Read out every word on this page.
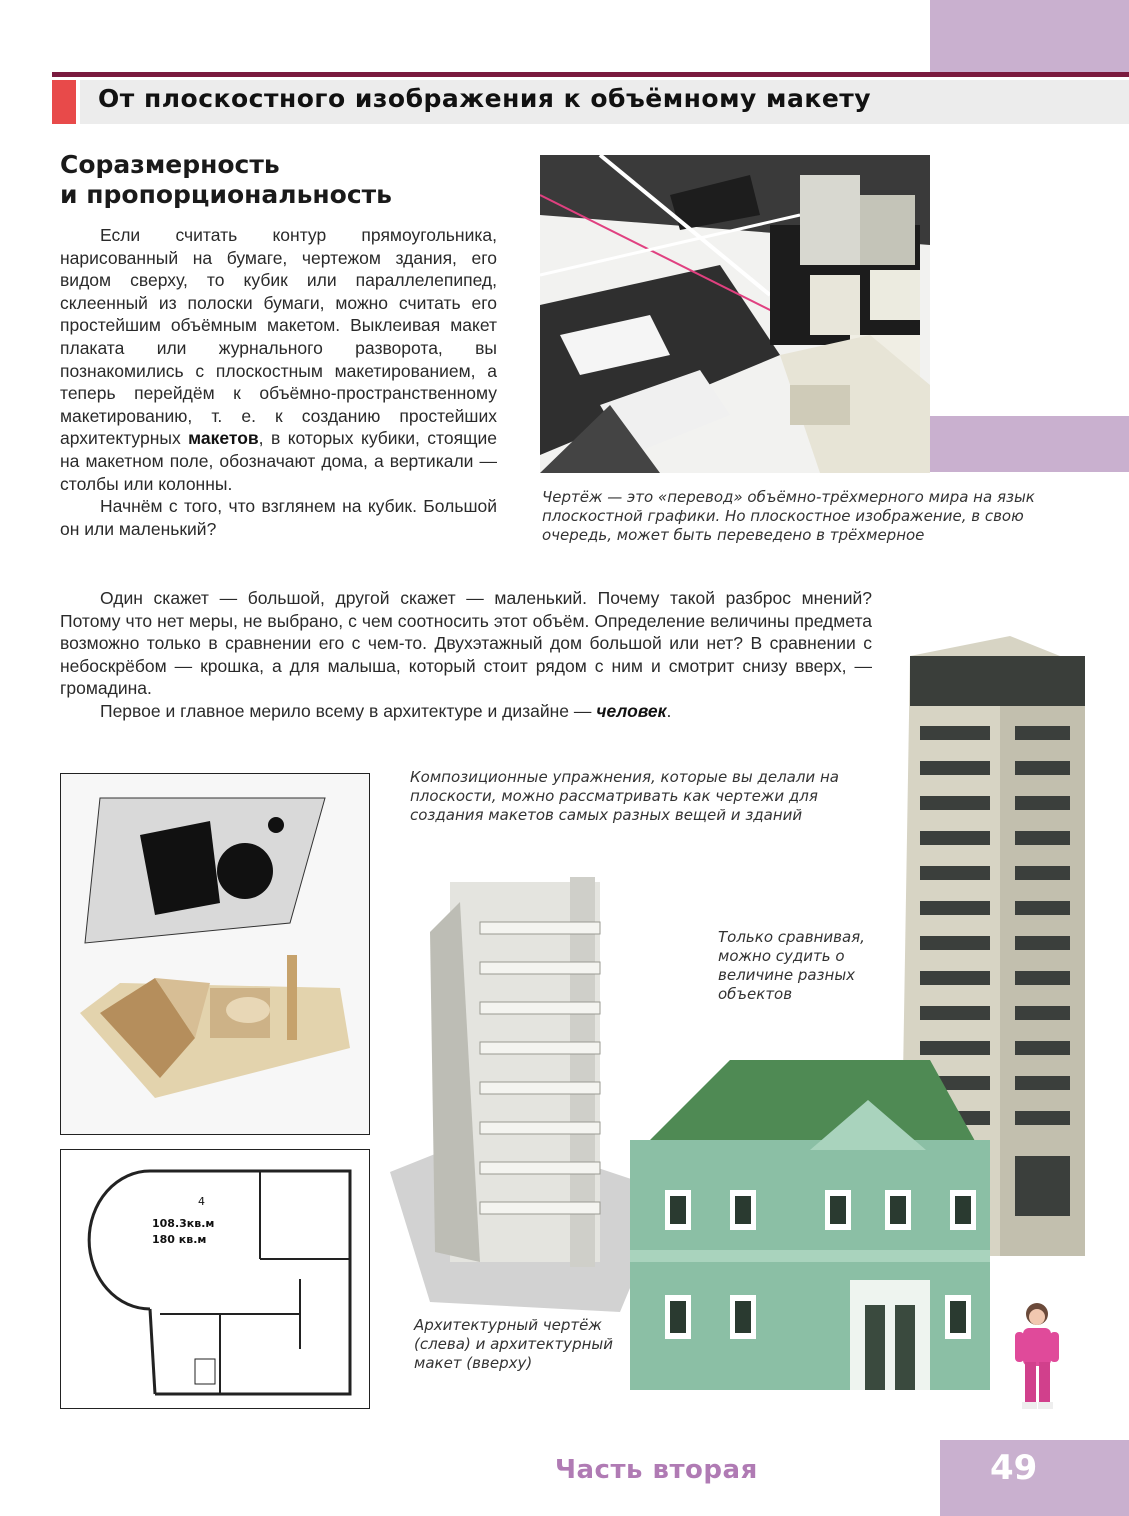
От плоскостного изображения к объёмному макету
Соразмерность
и пропорциональность

Если считать контур прямоугольника, нарисованный на бумаге, чертежом здания, его видом сверху, то кубик или параллелепипед, склеенный из полоски бумаги, можно считать его простейшим объёмным макетом. Выклеивая макет плаката или журнального разворота, вы познакомились с плоскостным макетированием, а теперь перейдём к объёмно-пространственному макетированию, т. е. к созданию простейших архитектурных макетов, в которых кубики, стоящие на макетном поле, обозначают дома, а вертикали — столбы или колонны.

Начнём с того, что взглянем на кубик. Большой он или маленький?

Один скажет — большой, другой скажет — маленький. Почему такой разброс мнений? Потому что нет меры, не выбрано, с чем соотносить этот объём. Определение величины предмета возможно только в сравнении его с чем-то. Двухэтажный дом большой или нет? В сравнении с небоскрёбом — крошка, а для малыша, который стоит рядом с ним и смотрит снизу вверх, — громадина.

Первое и главное мерило всему в архитектуре и дизайне — человек.

4
108.3кв.м
180 кв.м
Чертёж — это «перевод» объёмно-трёхмерного мира на язык плоскостной графики. Но плоскостное изображение, в свою очередь, может быть переведено в трёхмерное
Композиционные упражнения, которые вы делали на плоскости, можно рассматривать как чертежи для создания макетов самых разных вещей и зданий
Только сравнивая, можно судить о величине разных объектов
Архитектурный чертёж (слева) и архитектурный макет (вверху)
Часть вторая	49
